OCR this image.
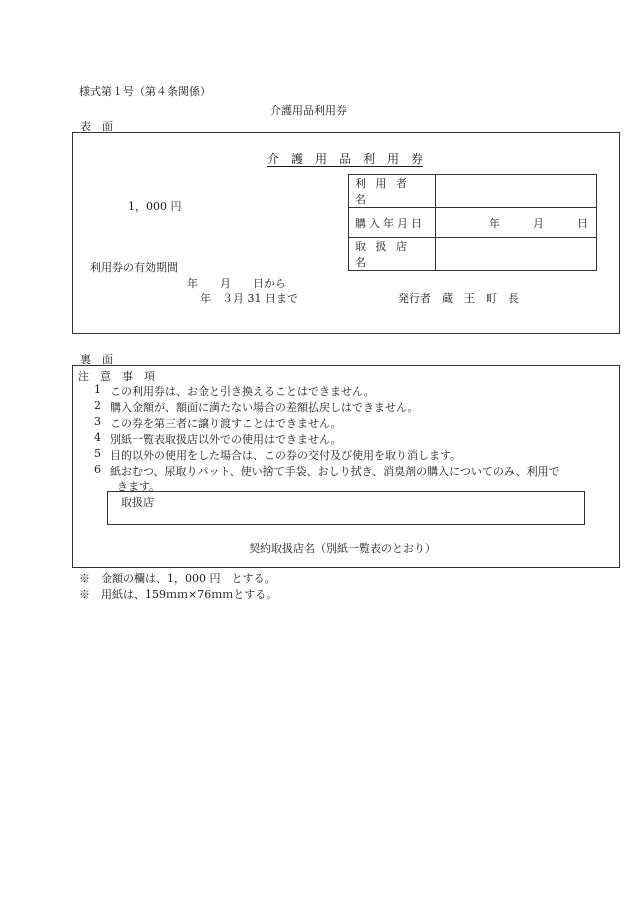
様式第１号（第４条関係）
介護用品利用券
表　面
介　護　用　品　利　用　券
1，000 円
利 用 者 名	
購入年月日	年　　　月　　　日
取 扱 店 名	
利用券の有効期間
年　　月　　日から
年　３月 31 日まで	発行者　蔵　王　町　長
裏　面
注　意　事　項
1 この利用券は、お金と引き換えることはできません。
2 購入金額が、額面に満たない場合の差額払戻しはできません。
3 この券を第三者に譲り渡すことはできません。
4 別紙一覧表取扱店以外での使用はできません。
5 目的以外の使用をした場合は、この券の交付及び使用を取り消します。
6 紙おむつ、尿取りパット、使い捨て手袋、おしり拭き、消臭剤の購入についてのみ、利用で
きます。
取扱店
契約取扱店名（別紙一覧表のとおり）
※　金額の欄は、1，000 円　とする。
※　用紙は、159ｍｍ×76ｍｍとする。
